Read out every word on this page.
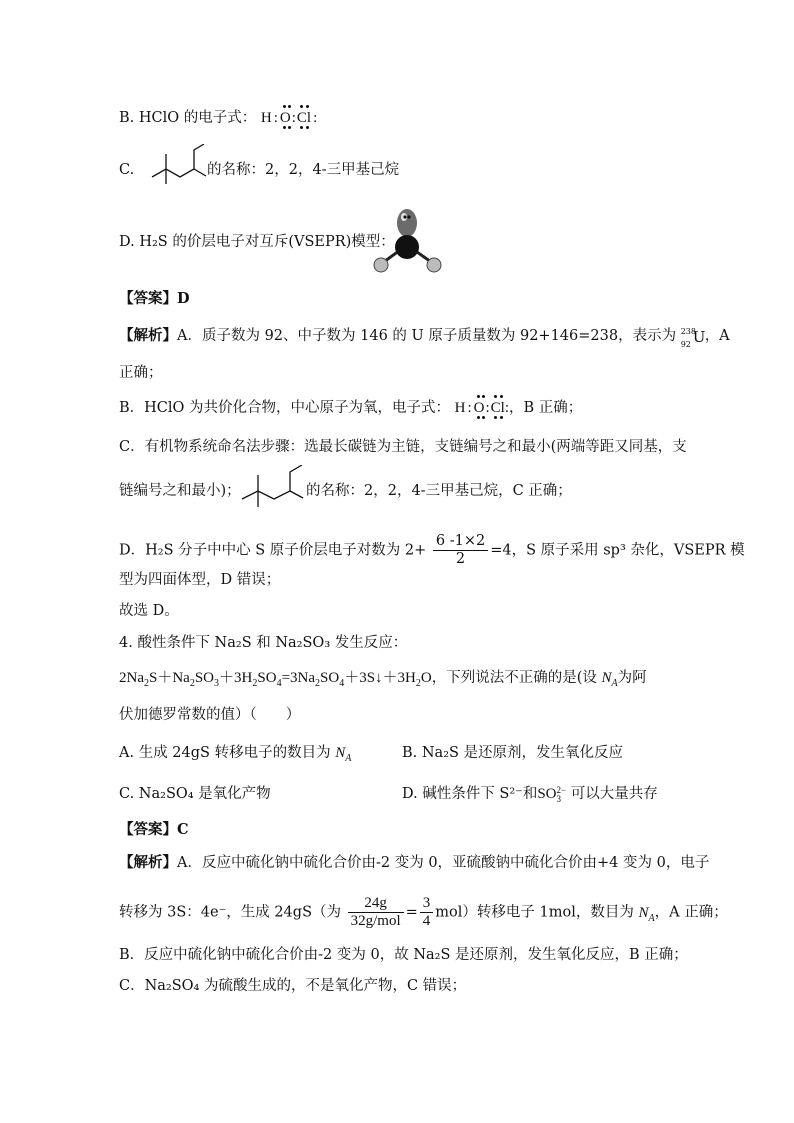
B. HClO 的电子式： H : O
:Cl :
C.	的名称：2，2，4-三甲基己烷
D. H₂S 的价层电子对互斥(VSEPR)模型：
【答案】D
【解析】A．质子数为 92、中子数为 146 的 U 原子质量数为 92+146=238，表示为 238
92 U ，A
正确；
B．HClO 为共价化合物，中心原子为氧，电子式： H : O
:Cl
:，B 正确；
C．有机物系统命名法步骤：选最长碳链为主链，支链编号之和最小(两端等距又同基，支
链编号之和最小)；	的名称：2，2，4-三甲基己烷，C 正确；
D．H₂S 分子中中心 S 原子价层电子对数为 $2+ \frac{6 -1\times 2}{2} =4$，S 原子采用 sp³ 杂化，VSEPR 模
型为四面体型，D 错误；
故选 D。
4. 酸性条件下 Na₂S 和 Na₂SO₃ 发生反应：
$2Na_2S+Na_2SO_3+3H_2SO_4=3Na_2SO_4+3S↓+3H_2O$，下列说法不正确的是(设 $N_A$为阿
伏加德罗常数的值）（　　）
A. 生成 24gS 转移电子的数目为 $N_A$	B. Na₂S 是还原剂，发生氧化反应
C. Na₂SO₄ 是氧化产物	D. 碱性条件下 S²⁻和SO 2−
3 可以大量共存
【答案】C
【解析】A．反应中硫化钠中硫化合价由-2 变为 0，亚硫酸钠中硫化合价由+4 变为 0，电子
转移为 3S：4e⁻，生成 24gS（为 $\frac{24g}{\text{32g/mol}} = \frac{3}{4} mol$）转移电子 1mol，数目为 $N_A$，A 正确；
B．反应中硫化钠中硫化合价由-2 变为 0，故 Na₂S 是还原剂，发生氧化反应，B 正确；
C．Na₂SO₄ 为硫酸生成的，不是氧化产物，C 错误；
